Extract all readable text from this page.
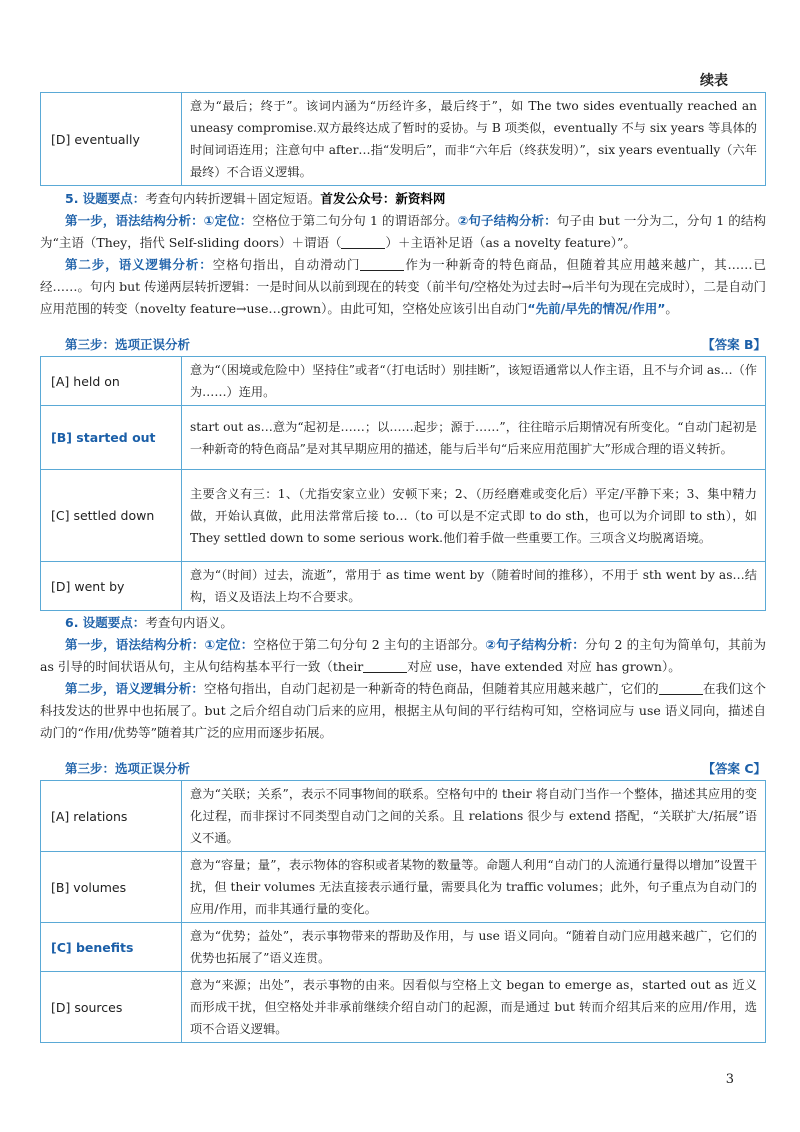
续表
[D] eventually	意为“最后；终于”。该词内涵为“历经许多，最后终于”，如 The two sides eventually reached an uneasy compromise.双方最终达成了暂时的妥协。与 B 项类似，eventually 不与 six years 等具体的时间词语连用；注意句中 after…指“发明后”，而非“六年后（终获发明）”，six years eventually（六年最终）不合语义逻辑。

5. 设题要点：考查句内转折逻辑＋固定短语。首发公众号：新资料网

第一步，语法结构分析：①定位：空格位于第二句分句 1 的谓语部分。②句子结构分析：句子由 but 一分为二，分句 1 的结构为“主语（They，指代 Self-sliding doors）＋谓语（	）＋主语补足语（as a novelty feature）”。

第二步，语义逻辑分析：空格句指出，自动滑动门	作为一种新奇的特色商品，但随着其应用越来越广，其……已经……。句内 but 传递两层转折逻辑：一是时间从以前到现在的转变（前半句/空格处为过去时→后半句为现在完成时），二是自动门应用范围的转变（novelty feature→use…grown）。由此可知，空格处应该引出自动门“先前/早先的情况/作用”。

第三步：选项正误分析	【答案 B】
[A] held on	意为“（困境或危险中）坚持住”或者“（打电话时）别挂断”，该短语通常以人作主语，且不与介词 as…（作为……）连用。
[B] started out	start out as…意为“起初是……；以……起步；源于……”，往往暗示后期情况有所变化。“自动门起初是一种新奇的特色商品”是对其早期应用的描述，能与后半句“后来应用范围扩大”形成合理的语义转折。
[C] settled down	主要含义有三：1、（尤指安家立业）安顿下来；2、（历经磨难或变化后）平定/平静下来；3、集中精力做，开始认真做，此用法常常后接 to…（to 可以是不定式即 to do sth，也可以为介词即 to sth），如 They settled down to some serious work.他们着手做一些重要工作。三项含义均脱离语境。
[D] went by	意为“（时间）过去，流逝”，常用于 as time went by（随着时间的推移），不用于 sth went by as…结构，语义及语法上均不合要求。

6. 设题要点：考查句内语义。

第一步，语法结构分析：①定位：空格位于第二句分句 2 主句的主语部分。②句子结构分析：分句 2 的主句为简单句，其前为 as 引导的时间状语从句，主从句结构基本平行一致（their	对应 use，have extended 对应 has grown）。

第二步，语义逻辑分析：空格句指出，自动门起初是一种新奇的特色商品，但随着其应用越来越广，它们的	在我们这个科技发达的世界中也拓展了。but 之后介绍自动门后来的应用，根据主从句间的平行结构可知，空格词应与 use 语义同向，描述自动门的“作用/优势等”随着其广泛的应用而逐步拓展。

第三步：选项正误分析	【答案 C】
[A] relations	意为“关联；关系”，表示不同事物间的联系。空格句中的 their 将自动门当作一个整体，描述其应用的变化过程，而非探讨不同类型自动门之间的关系。且 relations 很少与 extend 搭配，“关联扩大/拓展”语义不通。
[B] volumes	意为“容量；量”，表示物体的容积或者某物的数量等。命题人利用“自动门的人流通行量得以增加”设置干扰，但 their volumes 无法直接表示通行量，需要具化为 traffic volumes；此外，句子重点为自动门的应用/作用，而非其通行量的变化。
[C] benefits	意为“优势；益处”，表示事物带来的帮助及作用，与 use 语义同向。“随着自动门应用越来越广，它们的优势也拓展了”语义连贯。
[D] sources	意为“来源；出处”，表示事物的由来。因看似与空格上文 began to emerge as，started out as 近义而形成干扰，但空格处并非承前继续介绍自动门的起源，而是通过 but 转而介绍其后来的应用/作用，选项不合语义逻辑。
3
